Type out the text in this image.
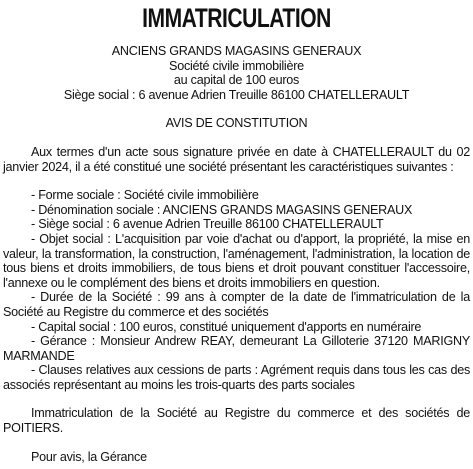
IMMATRICULATION
ANCIENS GRANDS MAGASINS GENERAUX
Société civile immobilière
au capital de 100 euros
Siège social : 6 avenue Adrien Treuille 86100 CHATELLERAULT
AVIS DE CONSTITUTION

Aux termes d'un acte sous signature privée en date à CHATELLERAULT du 02 janvier 2024, il a été constitué une société présentant les caractéristiques suivantes :

- Forme sociale : Société civile immobilière

- Dénomination sociale : ANCIENS GRANDS MAGASINS GENERAUX

- Siège social : 6 avenue Adrien Treuille 86100 CHATELLERAULT

- Objet social : L'acquisition par voie d'achat ou d'apport, la propriété, la mise en valeur, la transformation, la construction, l'aménagement, l'administration, la location de tous biens et droits immobiliers, de tous biens et droit pouvant constituer l'accessoire, l'annexe ou le complément des biens et droits immobiliers en question.

- Durée de la Société : 99 ans à compter de la date de l'immatriculation de la Société au Registre du commerce et des sociétés

- Capital social : 100 euros, constitué uniquement d'apports en numéraire

- Gérance : Monsieur Andrew REAY, demeurant La Gilloterie 37120 MARIGNY MARMANDE

- Clauses relatives aux cessions de parts : Agrément requis dans tous les cas des associés représentant au moins les trois-quarts des parts sociales

Immatriculation de la Société au Registre du commerce et des sociétés de POITIERS.

Pour avis, la Gérance
